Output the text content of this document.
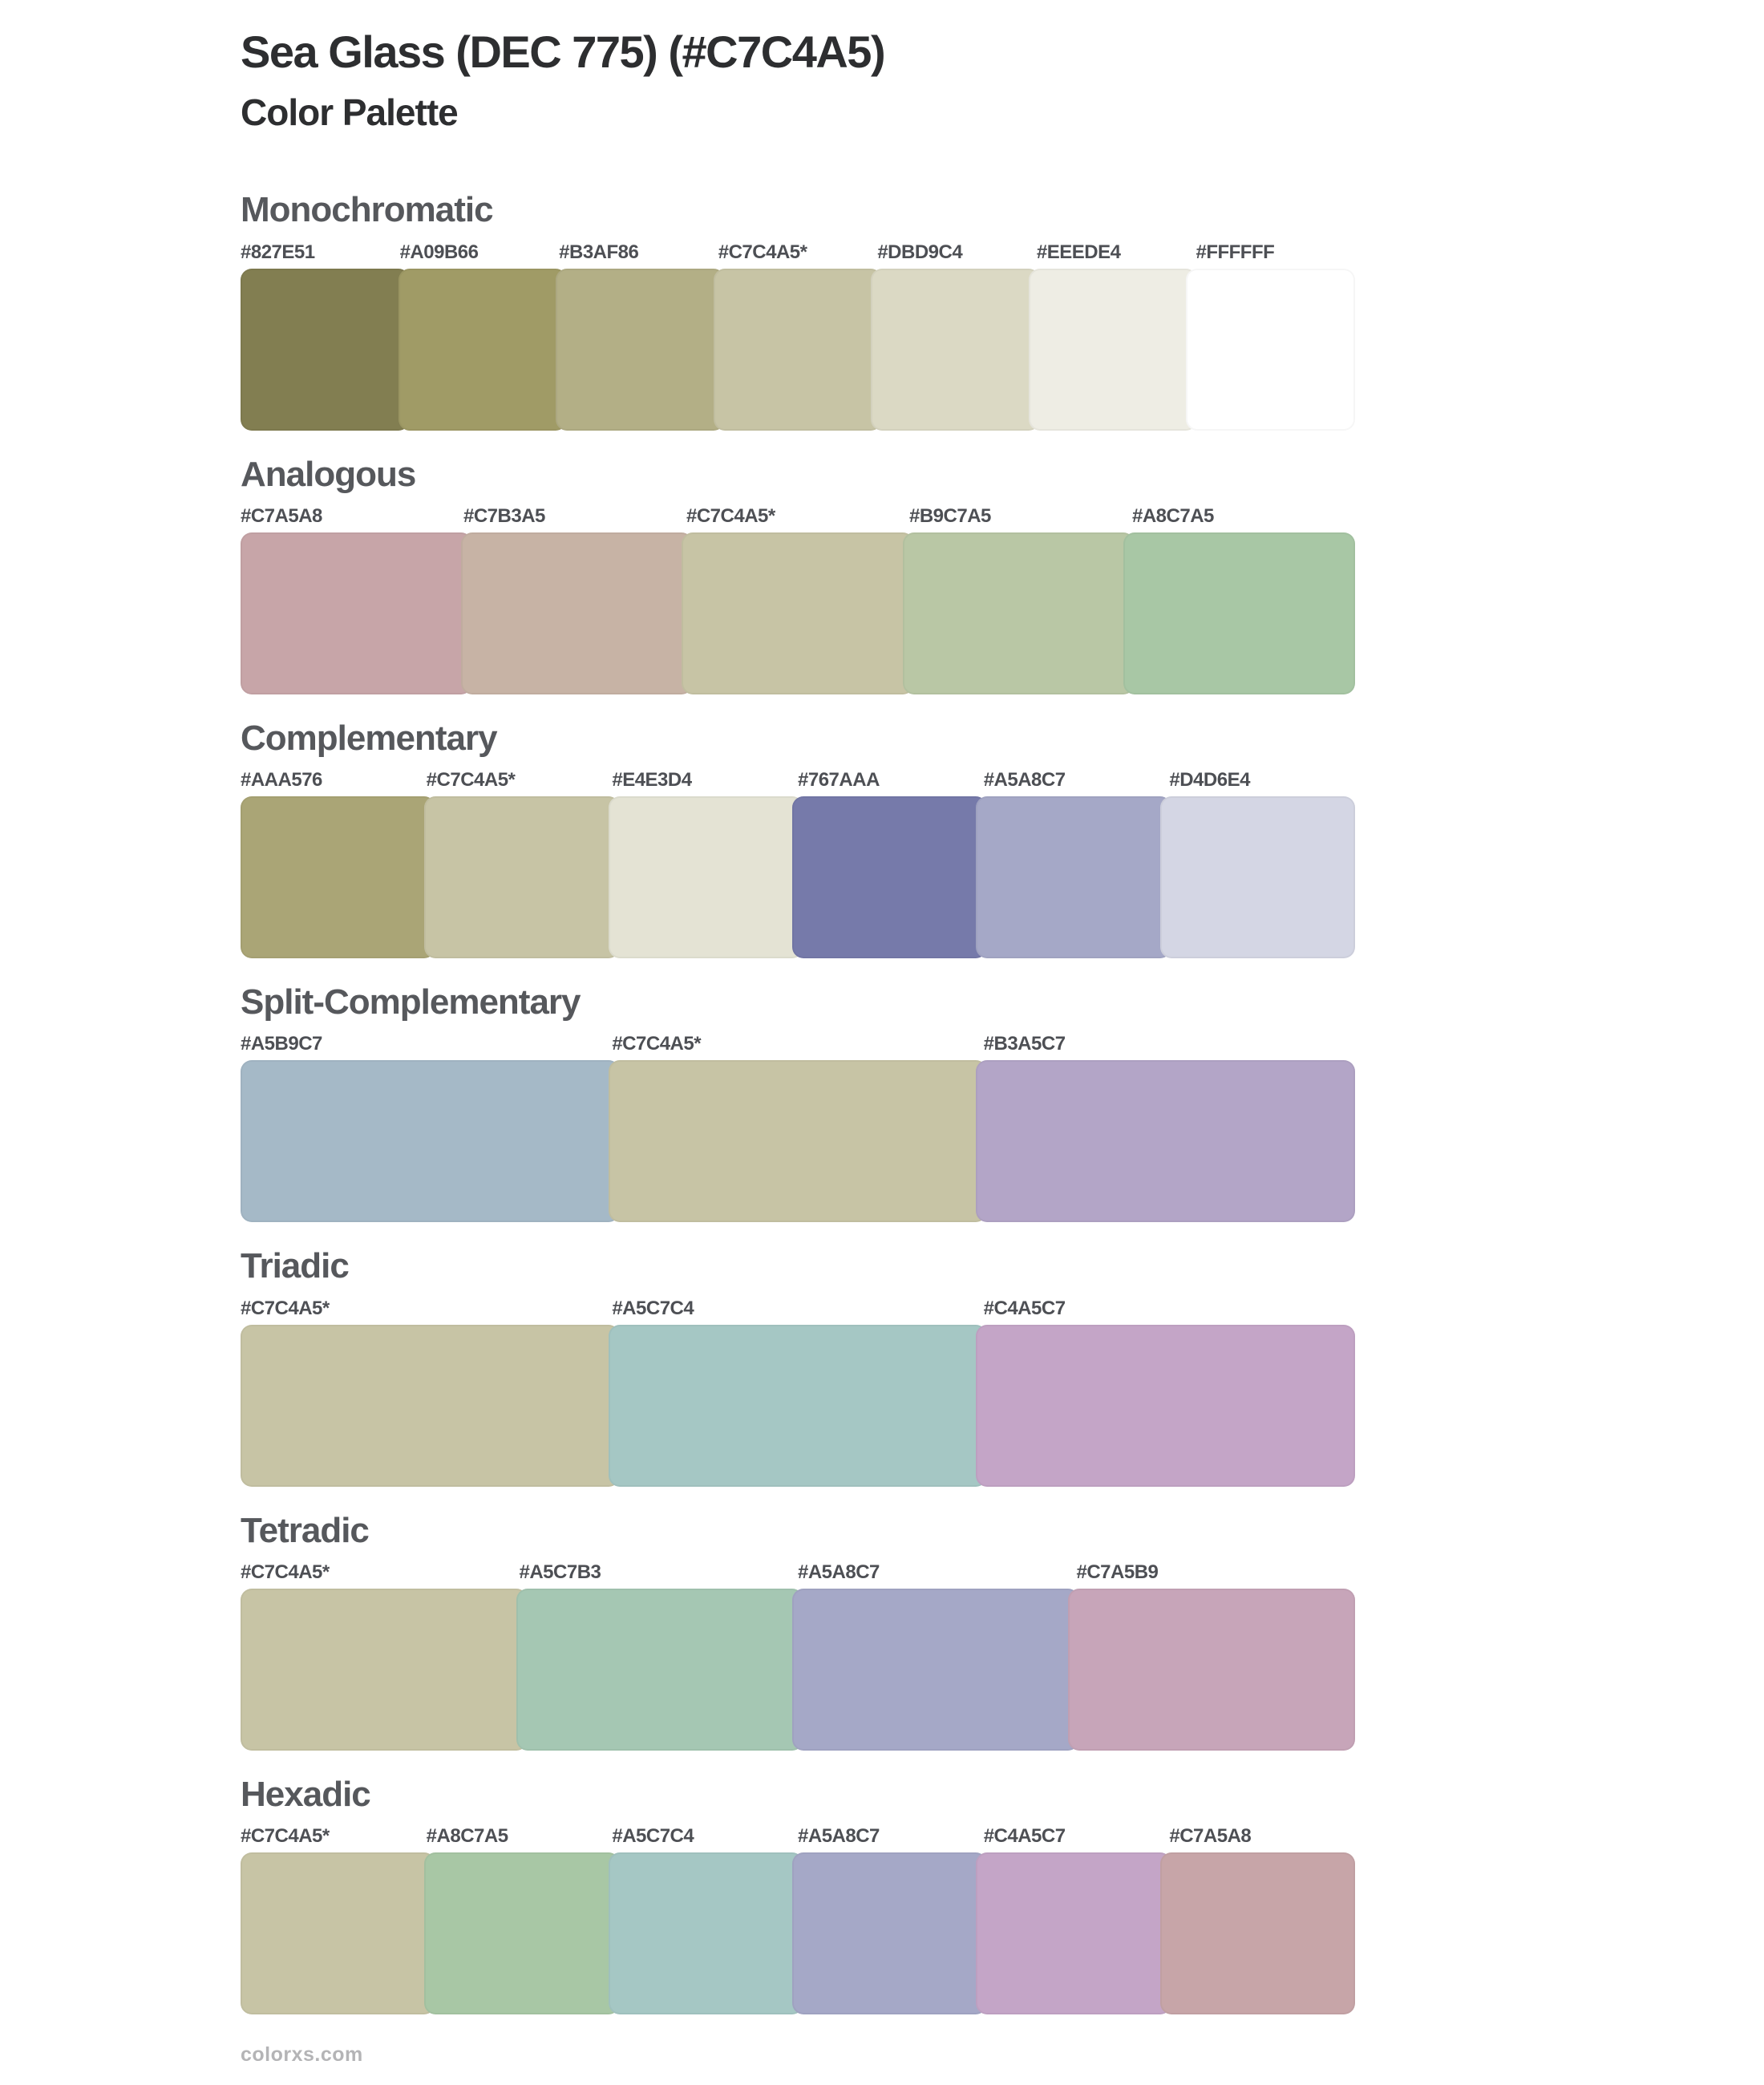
Sea Glass (DEC 775) (#C7C4A5)
Color Palette
Monochromatic
#827E51	#A09B66	#B3AF86	#C7C4A5*	#DBD9C4	#EEEDE4	#FFFFFF
Analogous
#C7A5A8	#C7B3A5	#C7C4A5*	#B9C7A5	#A8C7A5
Complementary
#AAA576	#C7C4A5*	#E4E3D4	#767AAA	#A5A8C7	#D4D6E4
Split-Complementary
#A5B9C7	#C7C4A5*	#B3A5C7
Triadic
#C7C4A5*	#A5C7C4	#C4A5C7
Tetradic
#C7C4A5*	#A5C7B3	#A5A8C7	#C7A5B9
Hexadic
#C7C4A5*	#A8C7A5	#A5C7C4	#A5A8C7	#C4A5C7	#C7A5A8
colorxs.com
